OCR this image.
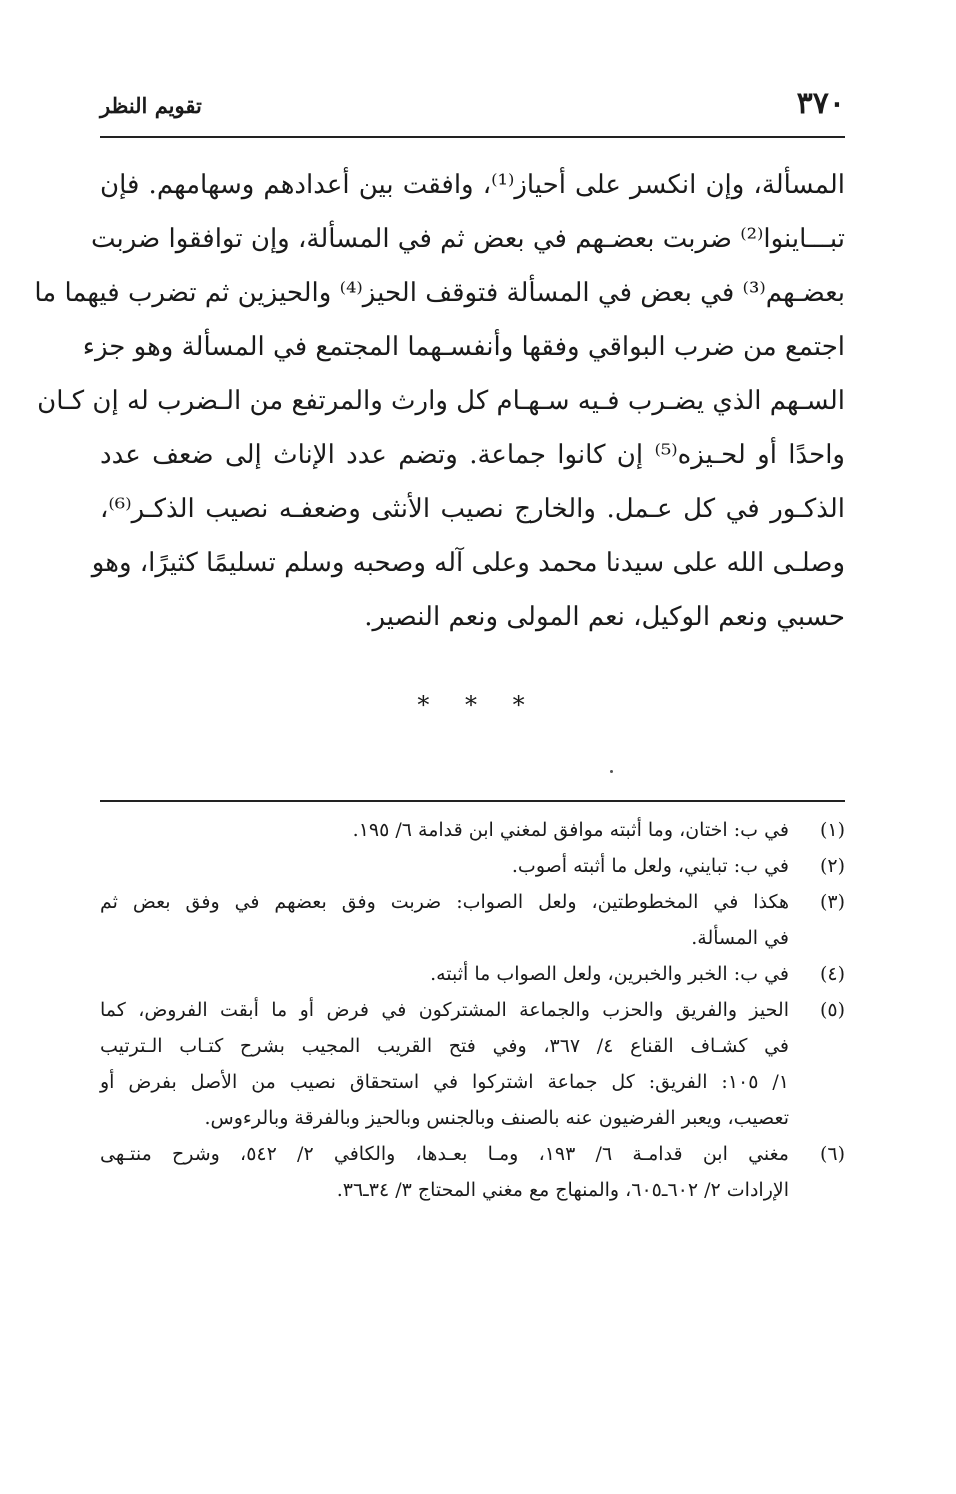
٣٧٠
تقويم النظر
المسألة، وإن انكسر على أحياز⁽¹⁾، وافقت بين أعدادهم وسهامهم. فإن
تبـــاينوا⁽²⁾ ضربت بعضـهم في بعض ثم في المسألة، وإن توافقوا ضربت
بعضـهم⁽³⁾ في بعض في المسألة فتوقف الحيز⁽⁴⁾ والحيزين ثم تضرب فيهما ما
اجتمع من ضرب البواقي وفقها وأنفسـهما المجتمع في المسألة وهو جزء
السـهم الذي يضـرب فـيه سـهـام كل وارث والمرتفع من الـضرب له إن كـان
واحدًا أو لحـيزه⁽⁵⁾ إن كانوا جماعة. وتضم عدد الإناث إلى ضعف عدد
الذكـور في كل عـمل. والخارج نصيب الأنثى وضعفـه نصيب الذكـر⁽⁶⁾،
وصلـى الله على سيدنا محمد وعلى آله وصحبه وسلم تسليمًا كثيرًا، وهو
حسبي ونعم الوكيل، نعم المولى ونعم النصير.
* * *
(١)
في ب: اختان، وما أثبته موافق لمغني ابن قدامة ٦/ ١٩٥.
(٢)
في ب: تبايني، ولعل ما أثبته أصوب.
(٣)
هكذا في المخطوطتين، ولعل الصواب: ضربت وفق بعضهم في وفق بعض ثم
في المسألة.
(٤)
في ب: الخبر والخبرين، ولعل الصواب ما أثبته.
(٥)
الحيز والفريق والحزب والجماعة المشتركون في فرض أو ما أبقت الفروض، كما
في كشـاف القناع ٤/ ٣٦٧، وفي فتح القريب المجيب بشرح كتـاب الـترتيب
١/ ١٠٥: الفريق: كل جماعة اشتركوا في استحقاق نصيب من الأصل بفرض أو
تعصيب، ويعبر الفرضيون عنه بالصنف وبالجنس وبالحيز وبالفرقة وبالرءوس.
(٦)
مغني ابن قدامـة ٦/ ١٩٣، ومـا بعـدها، والكافي ٢/ ٥٤٢، وشرح منتـهى
الإرادات ٢/ ٦٠٢ـ٦٠٥، والمنهاج مع مغني المحتاج ٣/ ٣٤ـ٣٦.
